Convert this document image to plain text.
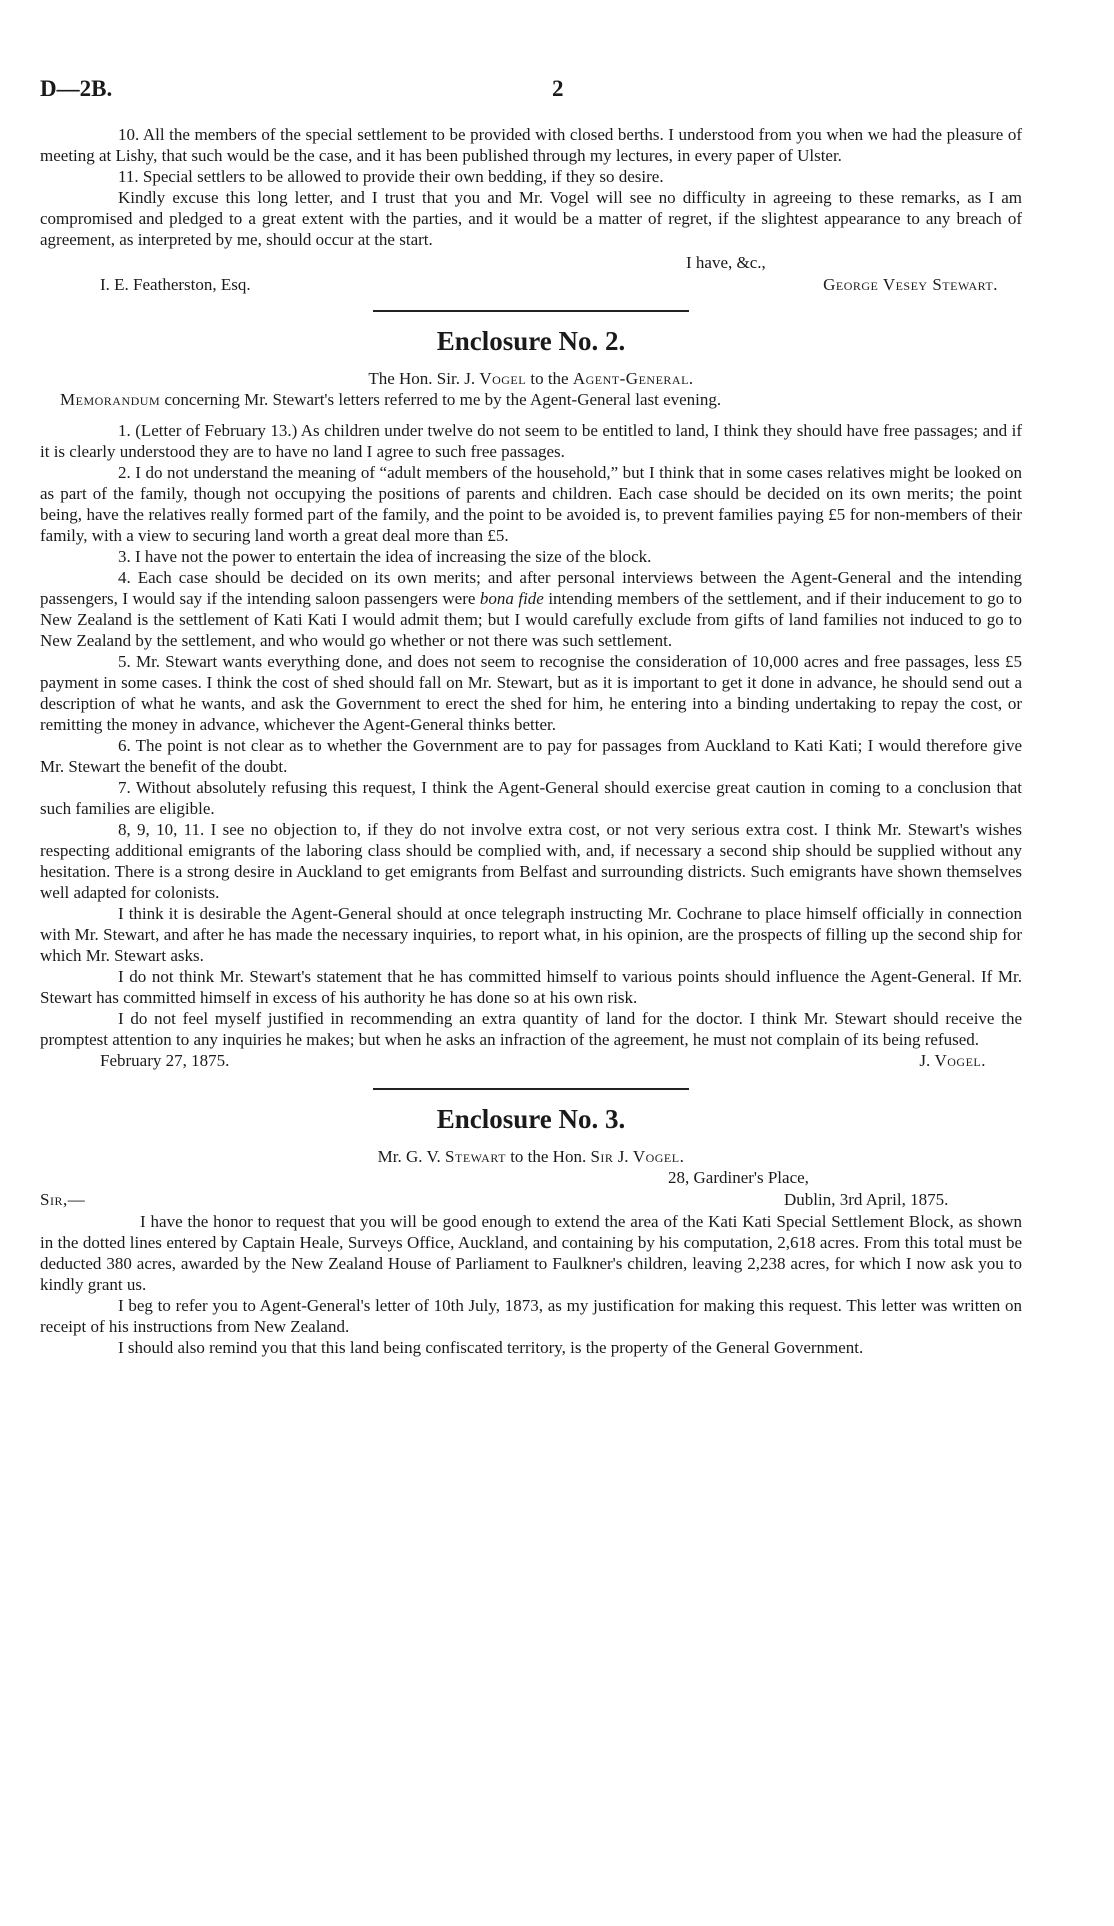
D—2B.	2

10. All the members of the special settlement to be provided with closed berths. I understood from you when we had the pleasure of meeting at Lishy, that such would be the case, and it has been published through my lectures, in every paper of Ulster.

11. Special settlers to be allowed to provide their own bedding, if they so desire.

Kindly excuse this long letter, and I trust that you and Mr. Vogel will see no difficulty in agreeing to these remarks, as I am compromised and pledged to a great extent with the parties, and it would be a matter of regret, if the slightest appearance to any breach of agreement, as interpreted by me, should occur at the start.

I have, &c.,
I. E. Featherston, Esq.	George Vesey Stewart.
Enclosure No. 2.

The Hon. Sir. J. Vogel to the Agent-General.

Memorandum concerning Mr. Stewart's letters referred to me by the Agent-General last evening.

1. (Letter of February 13.) As children under twelve do not seem to be entitled to land, I think they should have free passages; and if it is clearly understood they are to have no land I agree to such free passages.

2. I do not understand the meaning of “adult members of the household,” but I think that in some cases relatives might be looked on as part of the family, though not occupying the positions of parents and children. Each case should be decided on its own merits; the point being, have the relatives really formed part of the family, and the point to be avoided is, to prevent families paying £5 for non-members of their family, with a view to securing land worth a great deal more than £5.

3. I have not the power to entertain the idea of increasing the size of the block.

4. Each case should be decided on its own merits; and after personal interviews between the Agent-General and the intending passengers, I would say if the intending saloon passengers were bona fide intending members of the settlement, and if their inducement to go to New Zealand is the settlement of Kati Kati I would admit them; but I would carefully exclude from gifts of land families not induced to go to New Zealand by the settlement, and who would go whether or not there was such settlement.

5. Mr. Stewart wants everything done, and does not seem to recognise the consideration of 10,000 acres and free passages, less £5 payment in some cases. I think the cost of shed should fall on Mr. Stewart, but as it is important to get it done in advance, he should send out a description of what he wants, and ask the Government to erect the shed for him, he entering into a binding undertaking to repay the cost, or remitting the money in advance, whichever the Agent-General thinks better.

6. The point is not clear as to whether the Government are to pay for passages from Auckland to Kati Kati; I would therefore give Mr. Stewart the benefit of the doubt.

7. Without absolutely refusing this request, I think the Agent-General should exercise great caution in coming to a conclusion that such families are eligible.

8, 9, 10, 11. I see no objection to, if they do not involve extra cost, or not very serious extra cost. I think Mr. Stewart's wishes respecting additional emigrants of the laboring class should be complied with, and, if necessary a second ship should be supplied without any hesitation. There is a strong desire in Auckland to get emigrants from Belfast and surrounding districts. Such emigrants have shown themselves well adapted for colonists.

I think it is desirable the Agent-General should at once telegraph instructing Mr. Cochrane to place himself officially in connection with Mr. Stewart, and after he has made the necessary inquiries, to report what, in his opinion, are the prospects of filling up the second ship for which Mr. Stewart asks.

I do not think Mr. Stewart's statement that he has committed himself to various points should influence the Agent-General. If Mr. Stewart has committed himself in excess of his authority he has done so at his own risk.

I do not feel myself justified in recommending an extra quantity of land for the doctor. I think Mr. Stewart should receive the promptest attention to any inquiries he makes; but when he asks an infraction of the agreement, he must not complain of its being refused.

February 27, 1875.	J. Vogel.
Enclosure No. 3.

Mr. G. V. Stewart to the Hon. Sir J. Vogel.

28, Gardiner's Place,
Sir,—	Dublin, 3rd April, 1875.

I have the honor to request that you will be good enough to extend the area of the Kati Kati Special Settlement Block, as shown in the dotted lines entered by Captain Heale, Surveys Office, Auckland, and containing by his computation, 2,618 acres. From this total must be deducted 380 acres, awarded by the New Zealand House of Parliament to Faulkner's children, leaving 2,238 acres, for which I now ask you to kindly grant us.

I beg to refer you to Agent-General's letter of 10th July, 1873, as my justification for making this request. This letter was written on receipt of his instructions from New Zealand.

I should also remind you that this land being confiscated territory, is the property of the General Government.
